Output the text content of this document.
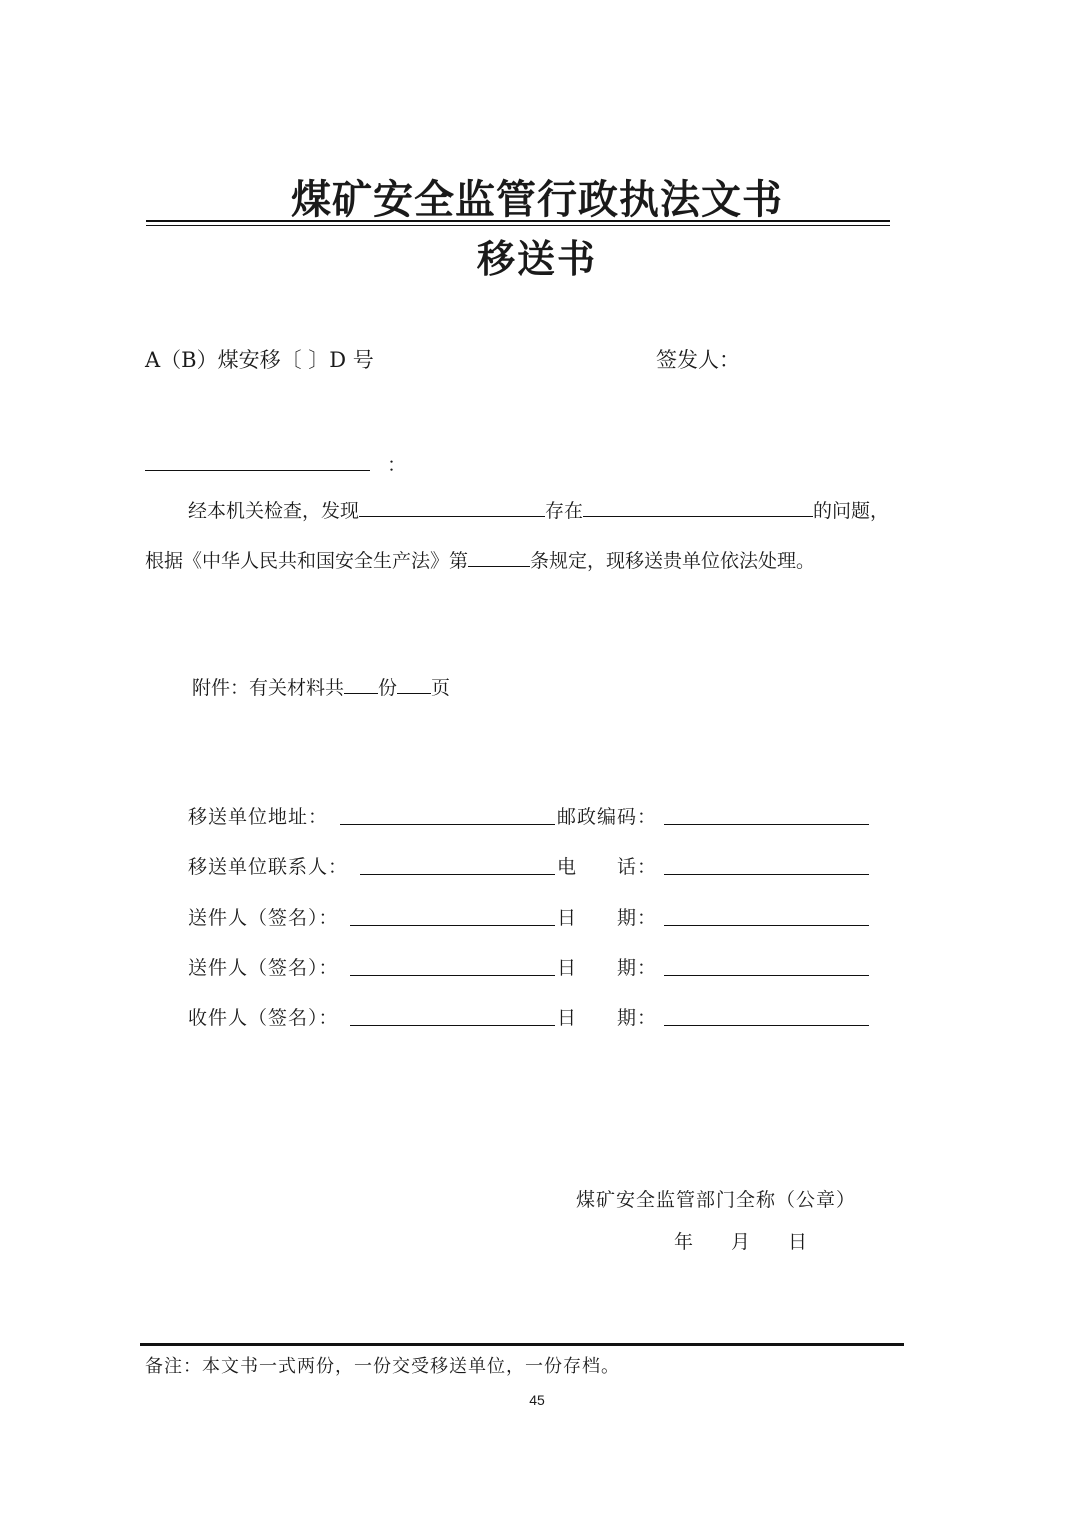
煤矿安全监管行政执法文书
移送书
A（B）煤安移〔 〕D 号	签发人：
：
经本机关检查，发现	存在	的问题，
根据《中华人民共和国安全生产法》第	条规定，现移送贵单位依法处理。
附件：有关材料共 份 页
移送单位地址：	邮政编码：
移送单位联系人：	电　　话：
送件人（签名）：	日　　期：
送件人（签名）：	日　　期：
收件人（签名）：	日　　期：
煤矿安全监管部门全称（公章）
年　　月　　日
备注：本文书一式两份，一份交受移送单位，一份存档。
45
